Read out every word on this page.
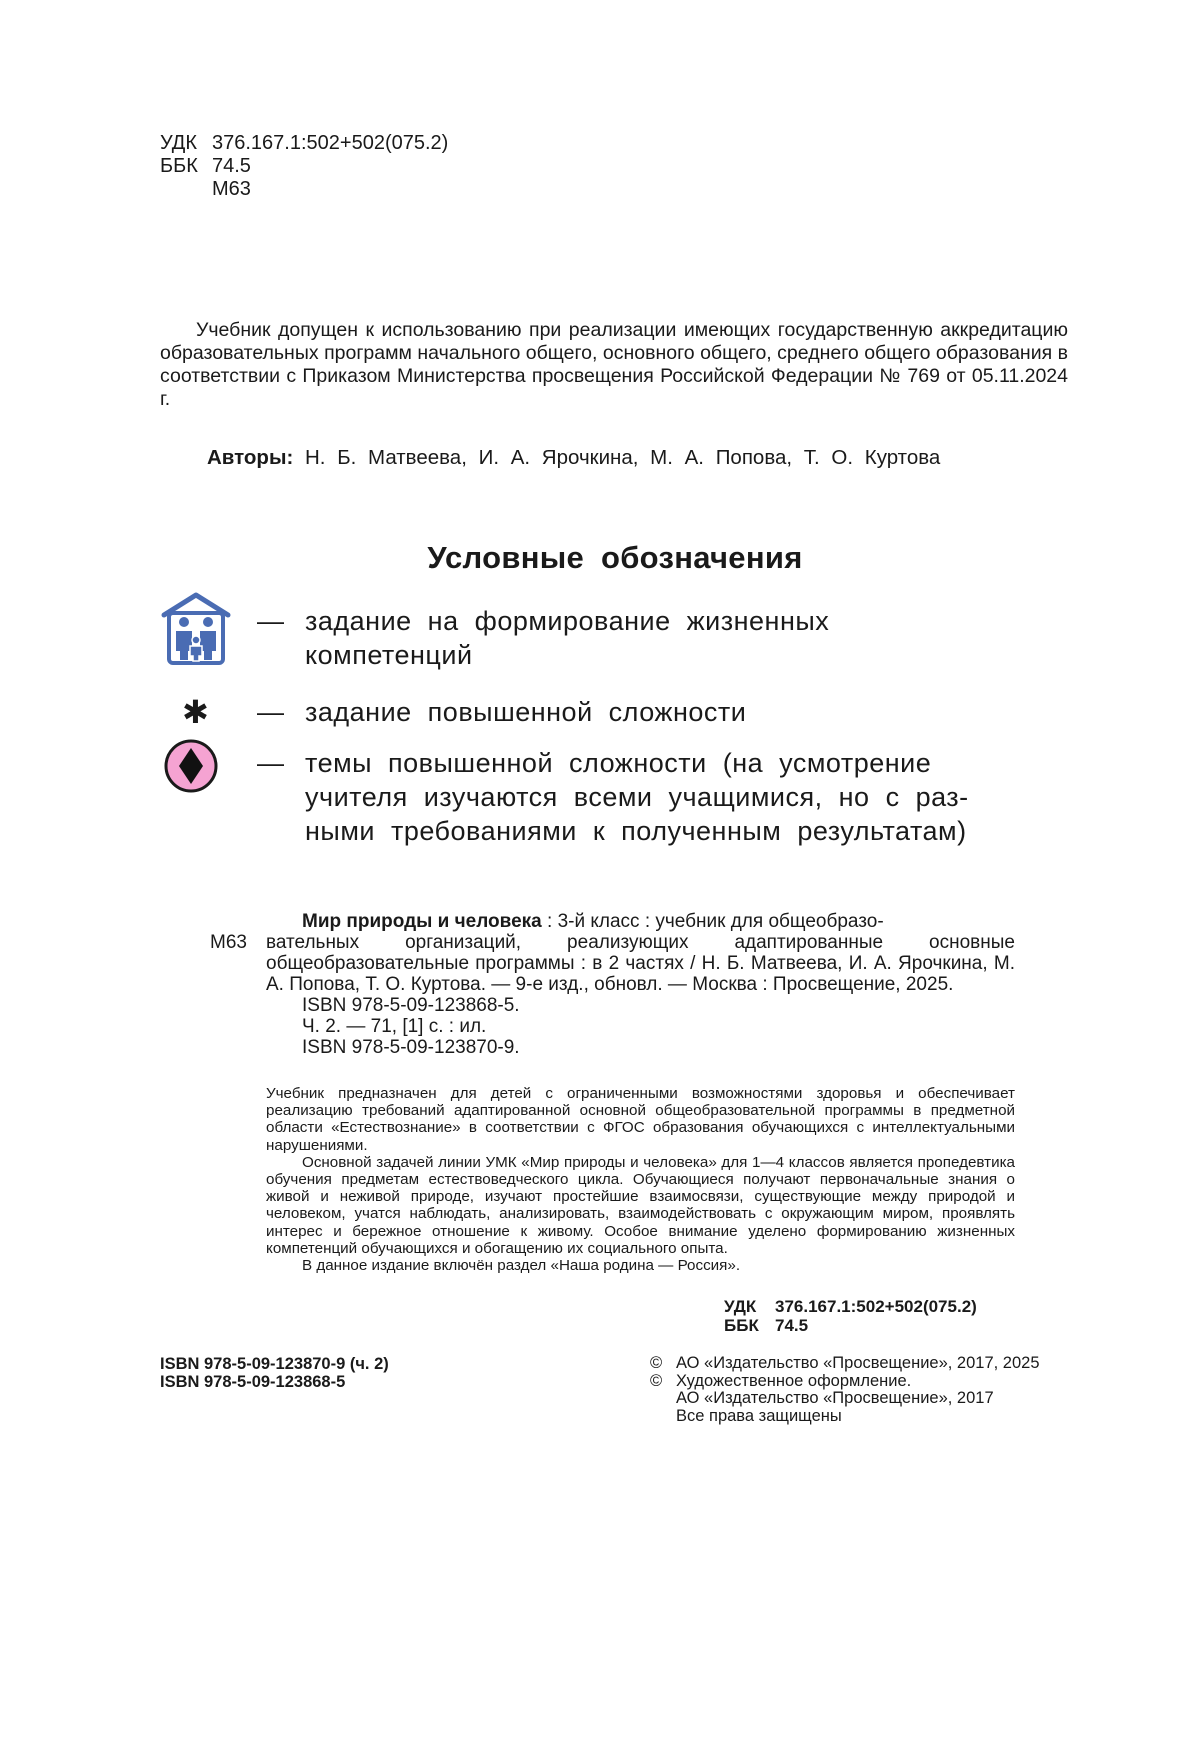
УДК 376.167.1:502+502(075.2)
ББК 74.5
М63
Учебник допущен к использованию при реализации имеющих государственную аккредитацию образовательных программ начального общего, основного общего, среднего общего образования в соответствии с Приказом Министерства просвещения Российской Федерации № 769 от 05.11.2024 г.
Авторы: Н. Б. Матвеева, И. А. Ярочкина, М. А. Попова, Т. О. Куртова
Условные обозначения
— задание на формирование жизненных
компетенций
✱ — задание повышенной сложности
— темы повышенной сложности (на усмотрение
учителя изучаются всеми учащимися, но с раз-
ными требованиями к полученным результатам)
Мир природы и человека : 3-й класс : учебник для общеобразо-
М63	вательных организаций, реализующих адаптированные основные общеобразовательные программы : в 2 частях / Н. Б. Матвеева, И. А. Ярочкина, М. А. Попова, Т. О. Куртова. — 9-е изд., обновл. — Москва : Просвещение, 2025.
ISBN 978-5-09-123868-5.
Ч. 2. — 71, [1] с. : ил.
ISBN 978-5-09-123870-9.

Учебник предназначен для детей с ограниченными возможностями здоровья и обеспечивает реализацию требований адаптированной основной общеобразовательной программы в предметной области «Естествознание» в соответствии с ФГОС образования обучающихся с интеллектуальными нарушениями.

Основной задачей линии УМК «Мир природы и человека» для 1—4 классов является пропедевтика обучения предметам естествоведческого цикла. Обучающиеся получают первоначальные знания о живой и неживой природе, изучают простейшие взаимосвязи, существующие между природой и человеком, учатся наблюдать, анализировать, взаимодействовать с окружающим миром, проявлять интерес и бережное отношение к живому. Особое внимание уделено формированию жизненных компетенций обучающихся и обогащению их социального опыта.

В данное издание включён раздел «Наша родина — Россия».

УДК	376.167.1:502+502(075.2)
ББК 74.5
ISBN 978-5-09-123870-9 (ч. 2)
ISBN 978-5-09-123868-5
© АО «Издательство «Просвещение», 2017, 2025
© Художественное оформление.
АО «Издательство «Просвещение», 2017
Все права защищены
